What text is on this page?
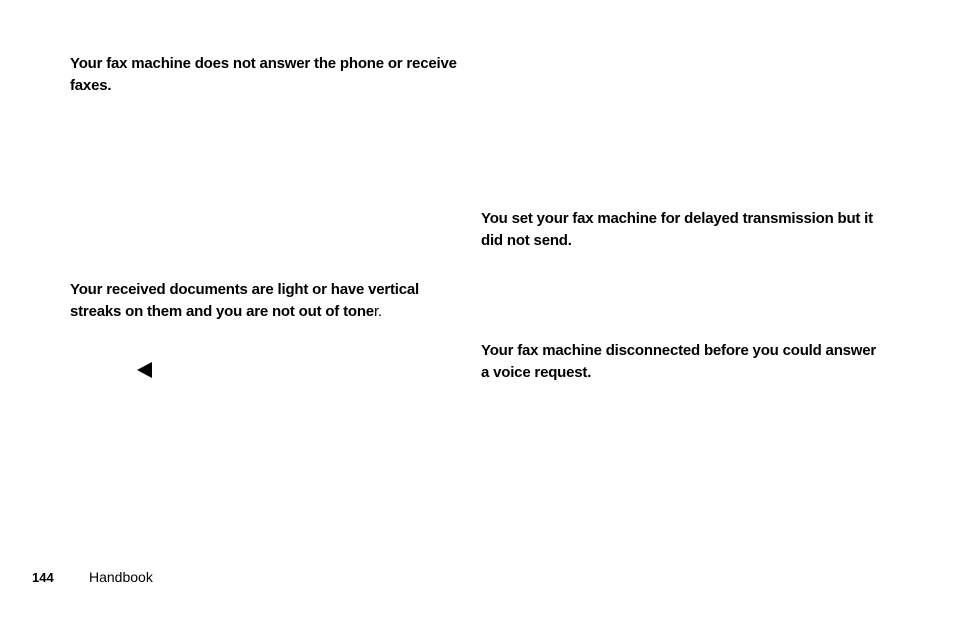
Your fax machine does not answer the phone or receive faxes.

Your received documents are light or have vertical streaks on them and you are not out of toner.

You set your fax machine for delayed transmission but it did not send.

Your fax machine disconnected before you could answer a voice request.

144	Handbook
